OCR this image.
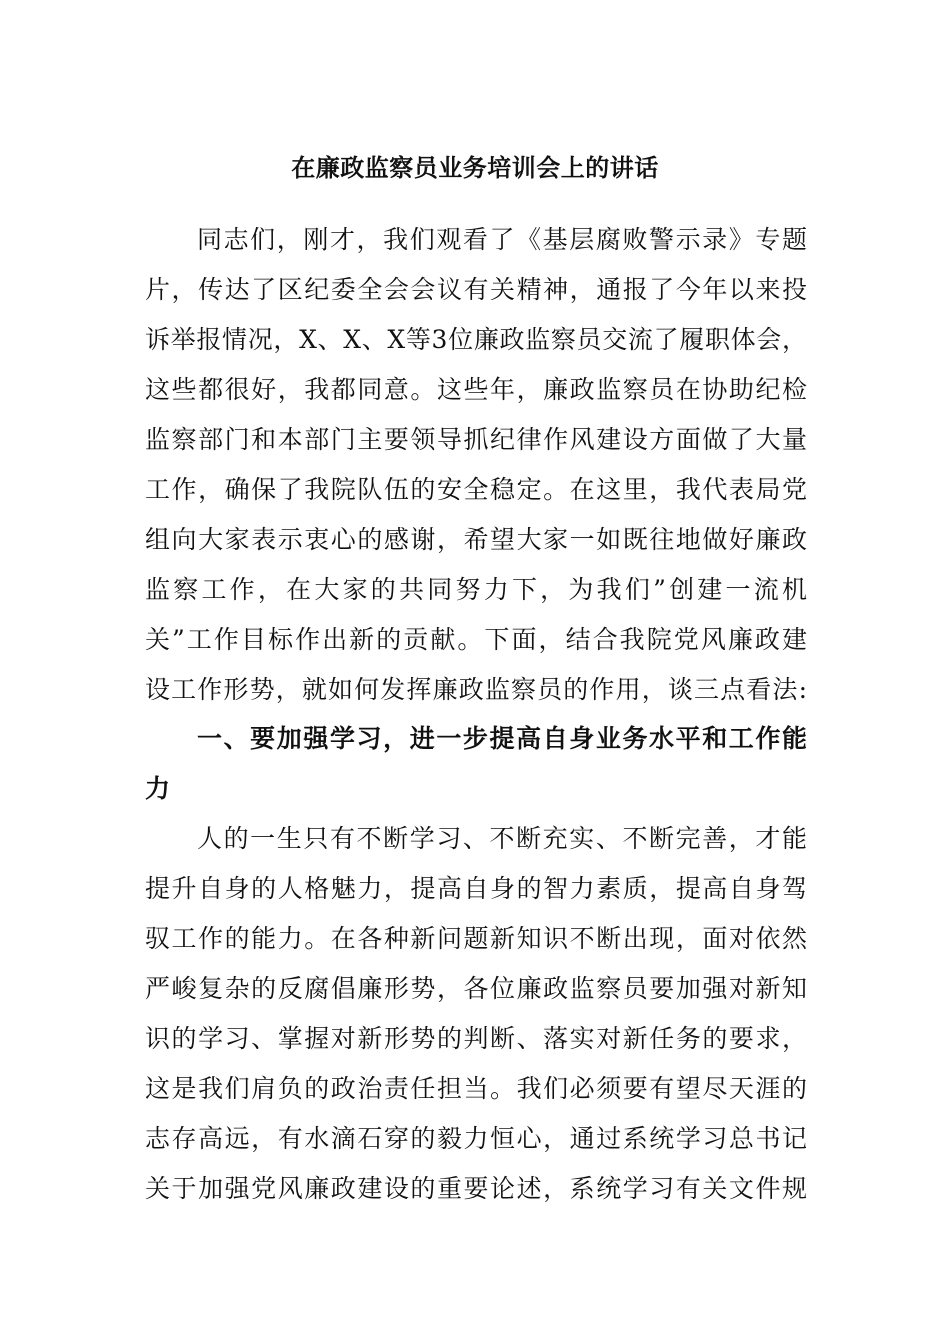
在廉政监察员业务培训会上的讲话
同志们，刚才，我们观看了《基层腐败警示录》专题
片，传达了区纪委全会会议有关精神，通报了今年以来投
诉举报情况，X、X、X等3位廉政监察员交流了履职体会，
这些都很好，我都同意。这些年，廉政监察员在协助纪检
监察部门和本部门主要领导抓纪律作风建设方面做了大量
工作，确保了我院队伍的安全稳定。在这里，我代表局党
组向大家表示衷心的感谢，希望大家一如既往地做好廉政
监察工作，在大家的共同努力下，为我们”创建一流机
关”工作目标作出新的贡献。下面，结合我院党风廉政建
设工作形势，就如何发挥廉政监察员的作用，谈三点看法:
一、要加强学习，进一步提高自身业务水平和工作能
力
人的一生只有不断学习、不断充实、不断完善，才能
提升自身的人格魅力，提高自身的智力素质，提高自身驾
驭工作的能力。在各种新问题新知识不断出现，面对依然
严峻复杂的反腐倡廉形势，各位廉政监察员要加强对新知
识的学习、掌握对新形势的判断、落实对新任务的要求，
这是我们肩负的政治责任担当。我们必须要有望尽天涯的
志存高远，有水滴石穿的毅力恒心，通过系统学习总书记
关于加强党风廉政建设的重要论述，系统学习有关文件规
